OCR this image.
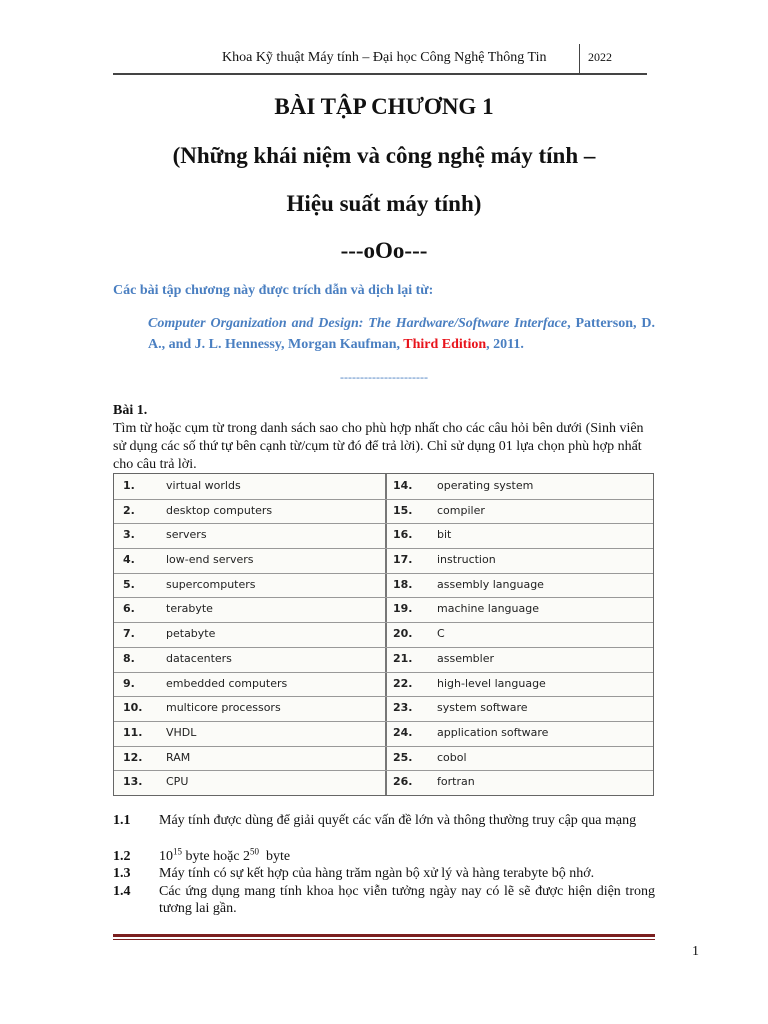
Khoa Kỹ thuật Máy tính – Đại học Công Nghệ Thông Tin	2022
BÀI TẬP CHƯƠNG 1
(Những khái niệm và công nghệ máy tính –
Hiệu suất máy tính)
---oOo---
Các bài tập chương này được trích dẫn và dịch lại từ:
Computer Organization and Design: The Hardware/Software Interface, Patterson, D. A., and J. L. Hennessy, Morgan Kaufman, Third Edition, 2011.
----------------------
Bài 1.
Tìm từ hoặc cụm từ trong danh sách sao cho phù hợp nhất cho các câu hỏi bên dưới (Sinh viên sử dụng các số thứ tự bên cạnh từ/cụm từ đó để trả lời). Chỉ sử dụng 01 lựa chọn phù hợp nhất cho câu trả lời.
1.	virtual worlds	14. operating system
2.	desktop computers	15. compiler
3.	servers	16. bit
4.	low-end servers	17. instruction
5.	supercomputers	18. assembly language
6.	terabyte	19. machine language
7.	petabyte	20. C
8.	datacenters	21. assembler
9.	embedded computers	22. high-level language
10. multicore processors	23. system software
11. VHDL	24. application software
12. RAM	25. cobol
13. CPU	26. fortran
1.1 Máy tính được dùng để giải quyết các vấn đề lớn và thông thường truy cập qua mạng
1.2 $10^{15}$ byte hoặc $2^{50}$  byte
1.3 Máy tính có sự kết hợp của hàng trăm ngàn bộ xử lý và hàng terabyte bộ nhớ.
1.4 Các ứng dụng mang tính khoa học viễn tưởng ngày nay có lẽ sẽ được hiện diện trong tương lai gần.
1
